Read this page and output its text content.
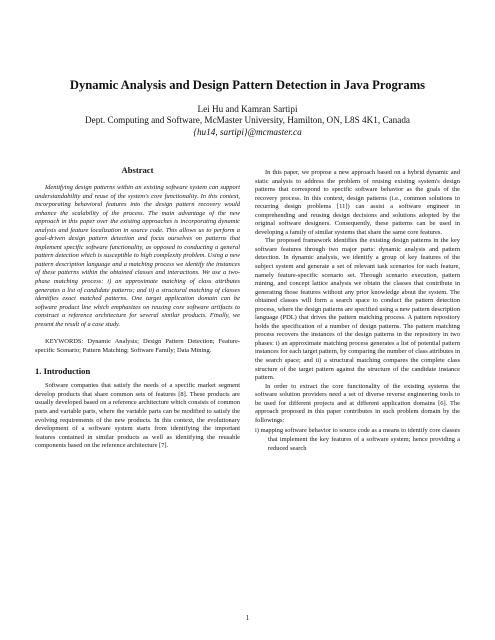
Dynamic Analysis and Design Pattern Detection in Java Programs
Lei Hu and Kamran Sartipi
Dept. Computing and Software, McMaster University, Hamilton, ON, L8S 4K1, Canada
{hu14, sartipi}@mcmaster.ca
Abstract

Identifying design patterns within an existing software system can support understandability and reuse of the system's core functionality. In this context, incorporating behavioral features into the design pattern recovery would enhance the scalability of the process. The main advantage of the new approach in this paper over the existing approaches is incorporating dynamic analysis and feature localization in source code. This allows us to perform a goal-driven design pattern detection and focus ourselves on patterns that implement specific software functionality, as opposed to conducting a general pattern detection which is susceptible to high complexity problem. Using a new pattern description language and a matching process we identify the instances of these patterns within the obtained classes and interactions. We use a two-phase matching process: i) an approximate matching of class attributes generates a list of candidate patterns; and ii) a structural matching of classes identifies exact matched patterns. One target application domain can be software product line which emphasizes on reusing core software artifacts to construct a reference architecture for several similar products. Finally, we present the result of a case study.

KEYWORDS: Dynamic Analysis; Design Pattern Detection; Feature-specific Scenario; Pattern Matching; Software Family; Data Mining.

1. Introduction

Software companies that satisfy the needs of a specific market segment develop products that share common sets of features [8]. These products are usually developed based on a reference architecture which consists of common parts and variable parts, where the variable parts can be modified to satisfy the evolving requirements of the new products. In this context, the evolutionary development of a software system starts from identifying the important features contained in similar products as well as identifying the reusable components based on the reference architecture [7].

In this paper, we propose a new approach based on a hybrid dynamic and static analysis to address the problem of reusing existing system's design patterns that correspond to specific software behavior as the goals of the recovery process. In this context, design patterns (i.e., common solutions to recurring design problems [11]) can assist a software engineer in comprehending and reusing design decisions and solutions adopted by the original software designers. Consequently, these patterns can be used in developing a family of similar systems that share the same core features.

The proposed framework identifies the existing design patterns in the key software features through two major parts: dynamic analysis and pattern detection. In dynamic analysis, we identify a group of key features of the subject system and generate a set of relevant task scenarios for each feature, namely feature-specific scenario set. Through scenario execution, pattern mining, and concept lattice analysis we obtain the classes that contribute in generating those features without any prior knowledge about the system. The obtained classes will form a search space to conduct the pattern detection process, where the design patterns are specified using a new pattern description language (PDL) that drives the pattern matching process. A pattern repository holds the specification of a number of design patterns. The pattern matching process recovers the instances of the design patterns in the repository in two phases: i) an approximate matching process generates a list of potential pattern instances for each target pattern, by comparing the number of class attributes in the search space; and ii) a structural matching compares the complete class structure of the target pattern against the structure of the candidate instance pattern.

In order to extract the core functionality of the existing systems the software solution providers need a set of diverse reverse engineering tools to be used for different projects and at different application domains [6]. The approach proposed in this paper contributes in such problem domain by the followings:

i) mapping software behavior to source code as a means to identify core classes that implement the key features of a software system; hence providing a reduced search

1
